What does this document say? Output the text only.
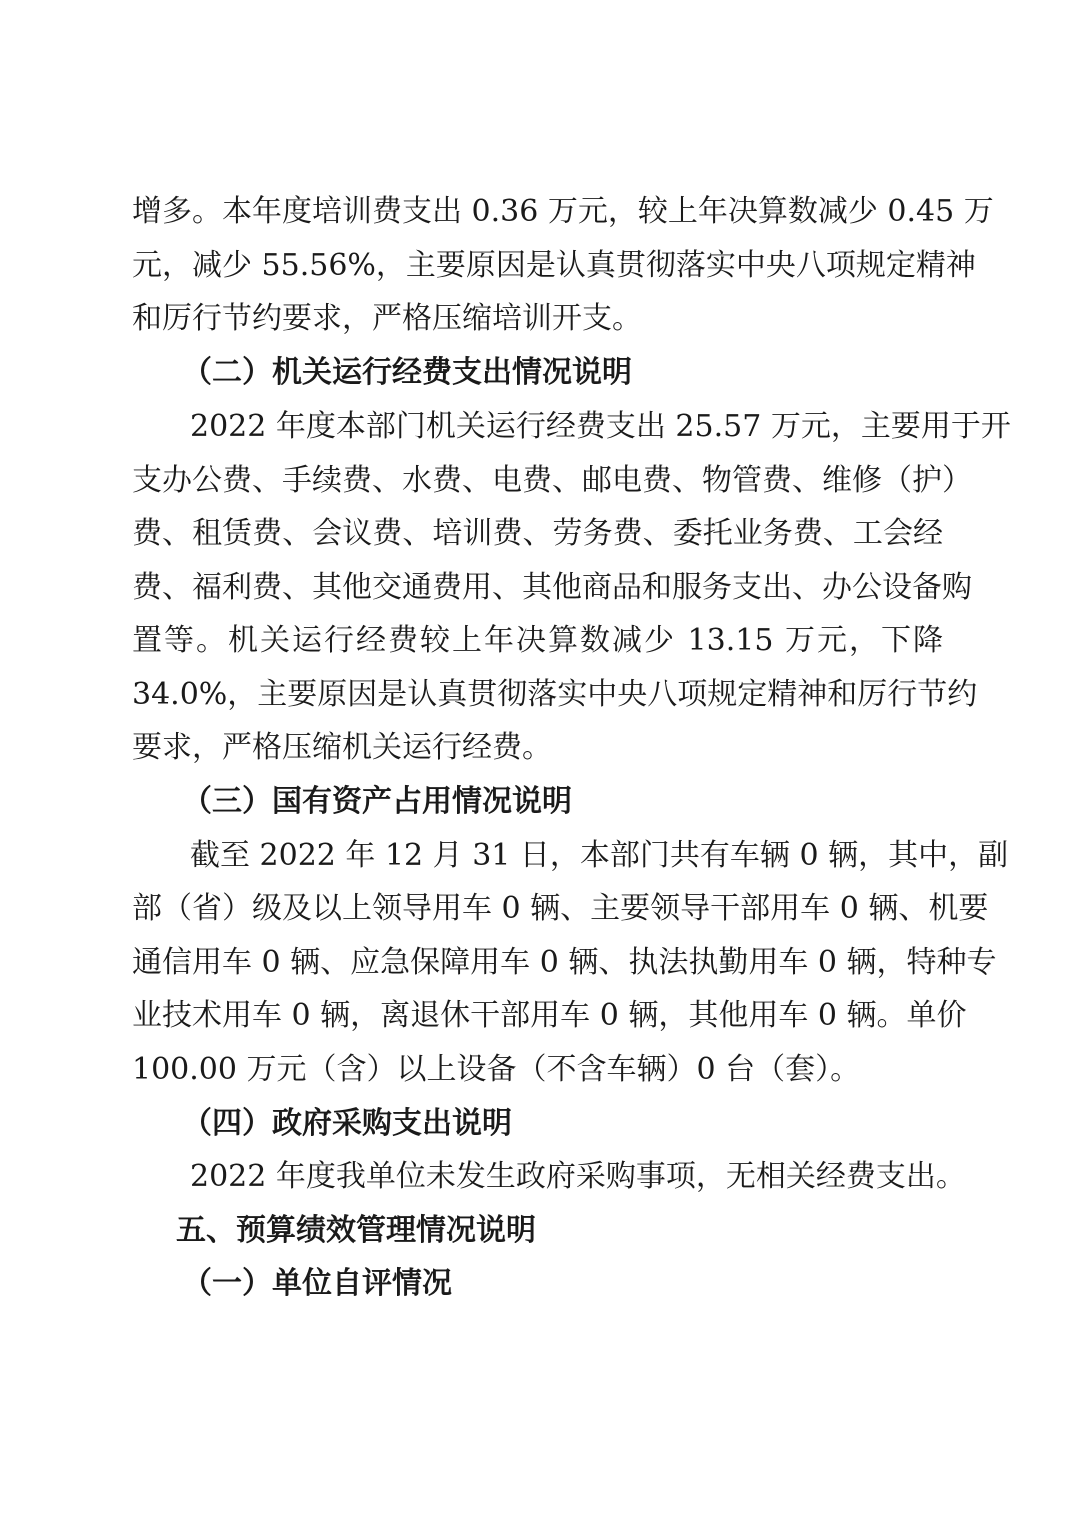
增多。本年度培训费支出 0.36 万元，较上年决算数减少 0.45 万
元，减少 55.56%，主要原因是认真贯彻落实中央八项规定精神
和厉行节约要求，严格压缩培训开支。
（二）机关运行经费支出情况说明
2022 年度本部门机关运行经费支出 25.57 万元，主要用于开
支办公费、手续费、水费、电费、邮电费、物管费、维修（护）
费、租赁费、会议费、培训费、劳务费、委托业务费、工会经
费、福利费、其他交通费用、其他商品和服务支出、办公设备购
置等。机关运行经费较上年决算数减少 13.15 万元，下降
34.0%，主要原因是认真贯彻落实中央八项规定精神和厉行节约
要求，严格压缩机关运行经费。
（三）国有资产占用情况说明
截至 2022 年 12 月 31 日，本部门共有车辆 0 辆，其中，副
部（省）级及以上领导用车 0 辆、主要领导干部用车 0 辆、机要
通信用车 0 辆、应急保障用车 0 辆、执法执勤用车 0 辆，特种专
业技术用车 0 辆，离退休干部用车 0 辆，其他用车 0 辆。单价
100.00 万元（含）以上设备（不含车辆）0 台（套）。
（四）政府采购支出说明
2022 年度我单位未发生政府采购事项，无相关经费支出。
五、预算绩效管理情况说明
（一）单位自评情况
